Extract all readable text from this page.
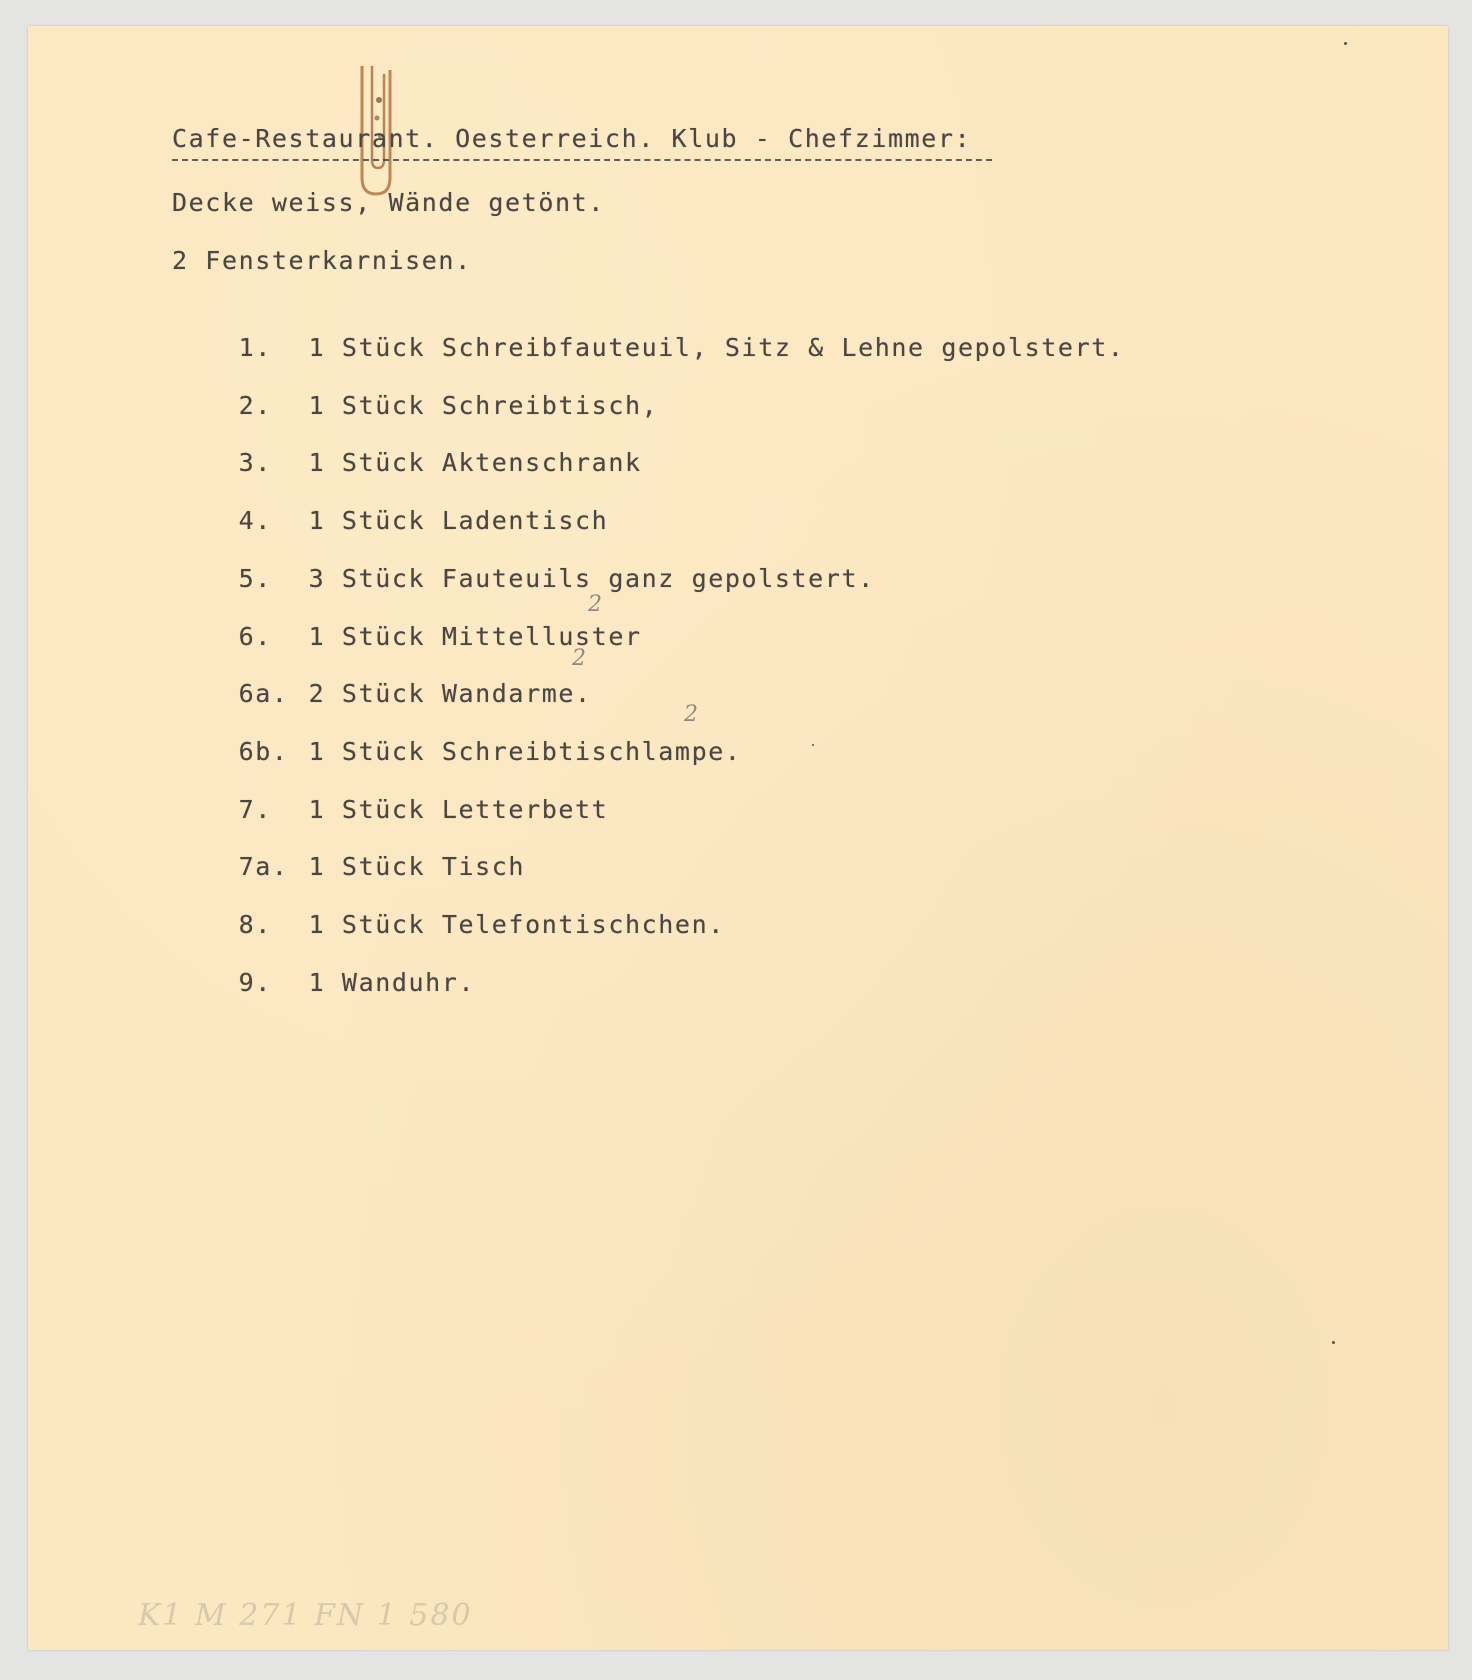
Cafe-Restaurant. Oesterreich. Klub - Chefzimmer:
Decke weiss, Wände getönt.
2 Fensterkarnisen.

1. 1 Stück Schreibfauteuil, Sitz & Lehne gepolstert.

2. 1 Stück Schreibtisch,

3. 1 Stück Aktenschrank

4. 1 Stück Ladentisch

5. 3 Stück Fauteuils ganz gepolstert.

6. 1 Stück Mittelluster

6a. 2 Stück Wandarme.

6b. 1 Stück Schreibtischlampe.

7. 1 Stück Letterbett

7a. 1 Stück Tisch

8. 1 Stück Telefontischchen.

9. 1 Wanduhr.

2
2
2
K1 M 271 FN 1 580
